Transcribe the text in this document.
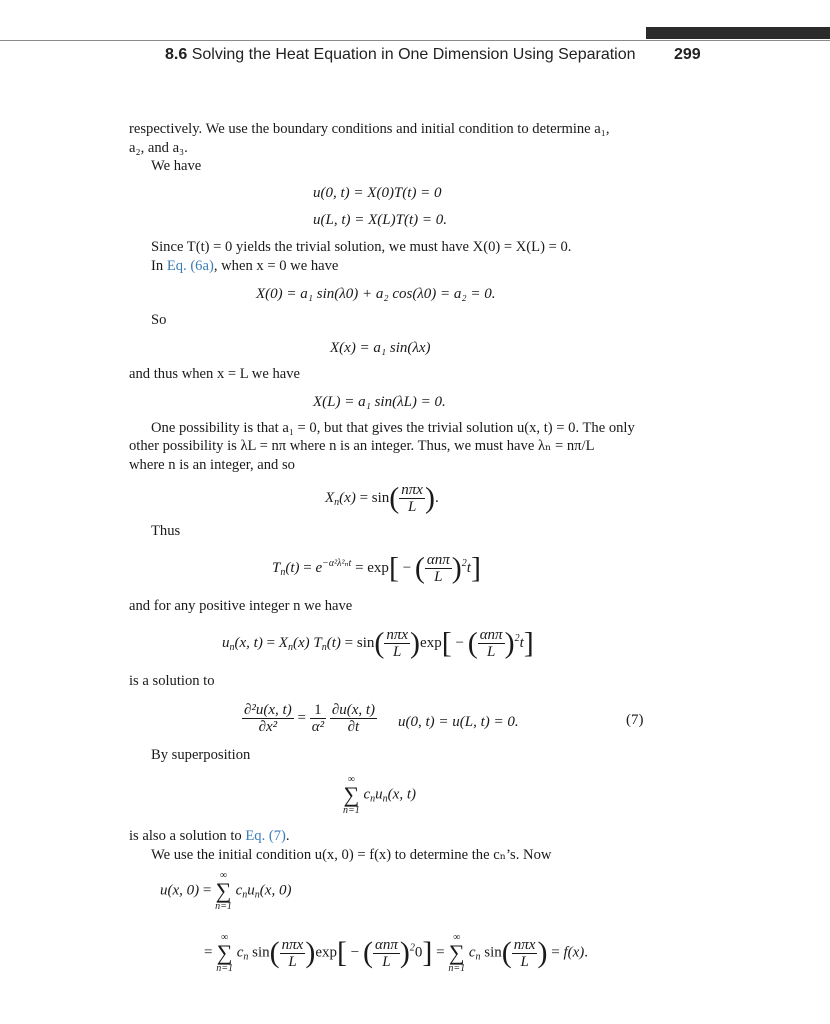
8.6 Solving the Heat Equation in One Dimension Using Separation 299
respectively. We use the boundary conditions and initial condition to determine a₁,
a₂, and a₃.
We have
u(0, t) = X(0)T(t) = 0
u(L, t) = X(L)T(t) = 0.
Since T(t) = 0 yields the trivial solution, we must have X(0) = X(L) = 0.
In Eq. (6a), when x = 0 we have
X(0) = a₁ sin(λ0) + a₂ cos(λ0) = a₂ = 0.
So
X(x) = a₁ sin(λx)
and thus when x = L we have
X(L) = a₁ sin(λL) = 0.
One possibility is that a₁ = 0, but that gives the trivial solution u(x, t) = 0. The only
other possibility is λL = nπ where n is an integer. Thus, we must have λₙ = nπ/L
where n is an integer, and so
$X_n(x) = \sin( \frac{\text{nπx}}{L}$ ).
Thus
$T_n(t) = e^{-\alpha^2\lambda^2_nt} = \exp$[ − ( $\frac{\text{αnπ}}{L} )^2t$]
and for any positive integer n we have
$u_n(x$, $t) = X_n(x) T_n(t) = \sin( \frac{\text{nπx}}{L} )\exp$[ − ( $\frac{\text{αnπ}}{L} )^2t$]
is a solution to
$\frac{\text{∂²u(x, t)}}{\text{∂x²}} = \frac{1}{\text{α²}}$
$\frac{\partial u(x, t)}{\partial t} u(0$, t) = u(L, t) = 0.	(7)
By superposition
∞
∑
n=1
$c_nu_n(x$, t)
is also a solution to Eq. (7).
We use the initial condition u(x, 0) = f(x) to determine the cₙ’s. Now
u(x, 0) =
∞
∑
n=1
$c_nu_n(x$, 0)
=
∞
∑
n=1
$c_n$ $\sin( \frac{\text{nπx}}{L} )\exp$[ − ( $\frac{\text{αnπ}}{L} )^20$] =
∞
∑
n=1
$c_n$ $\sin( \frac{\text{nπx}}{L}$ ) = f(x).
